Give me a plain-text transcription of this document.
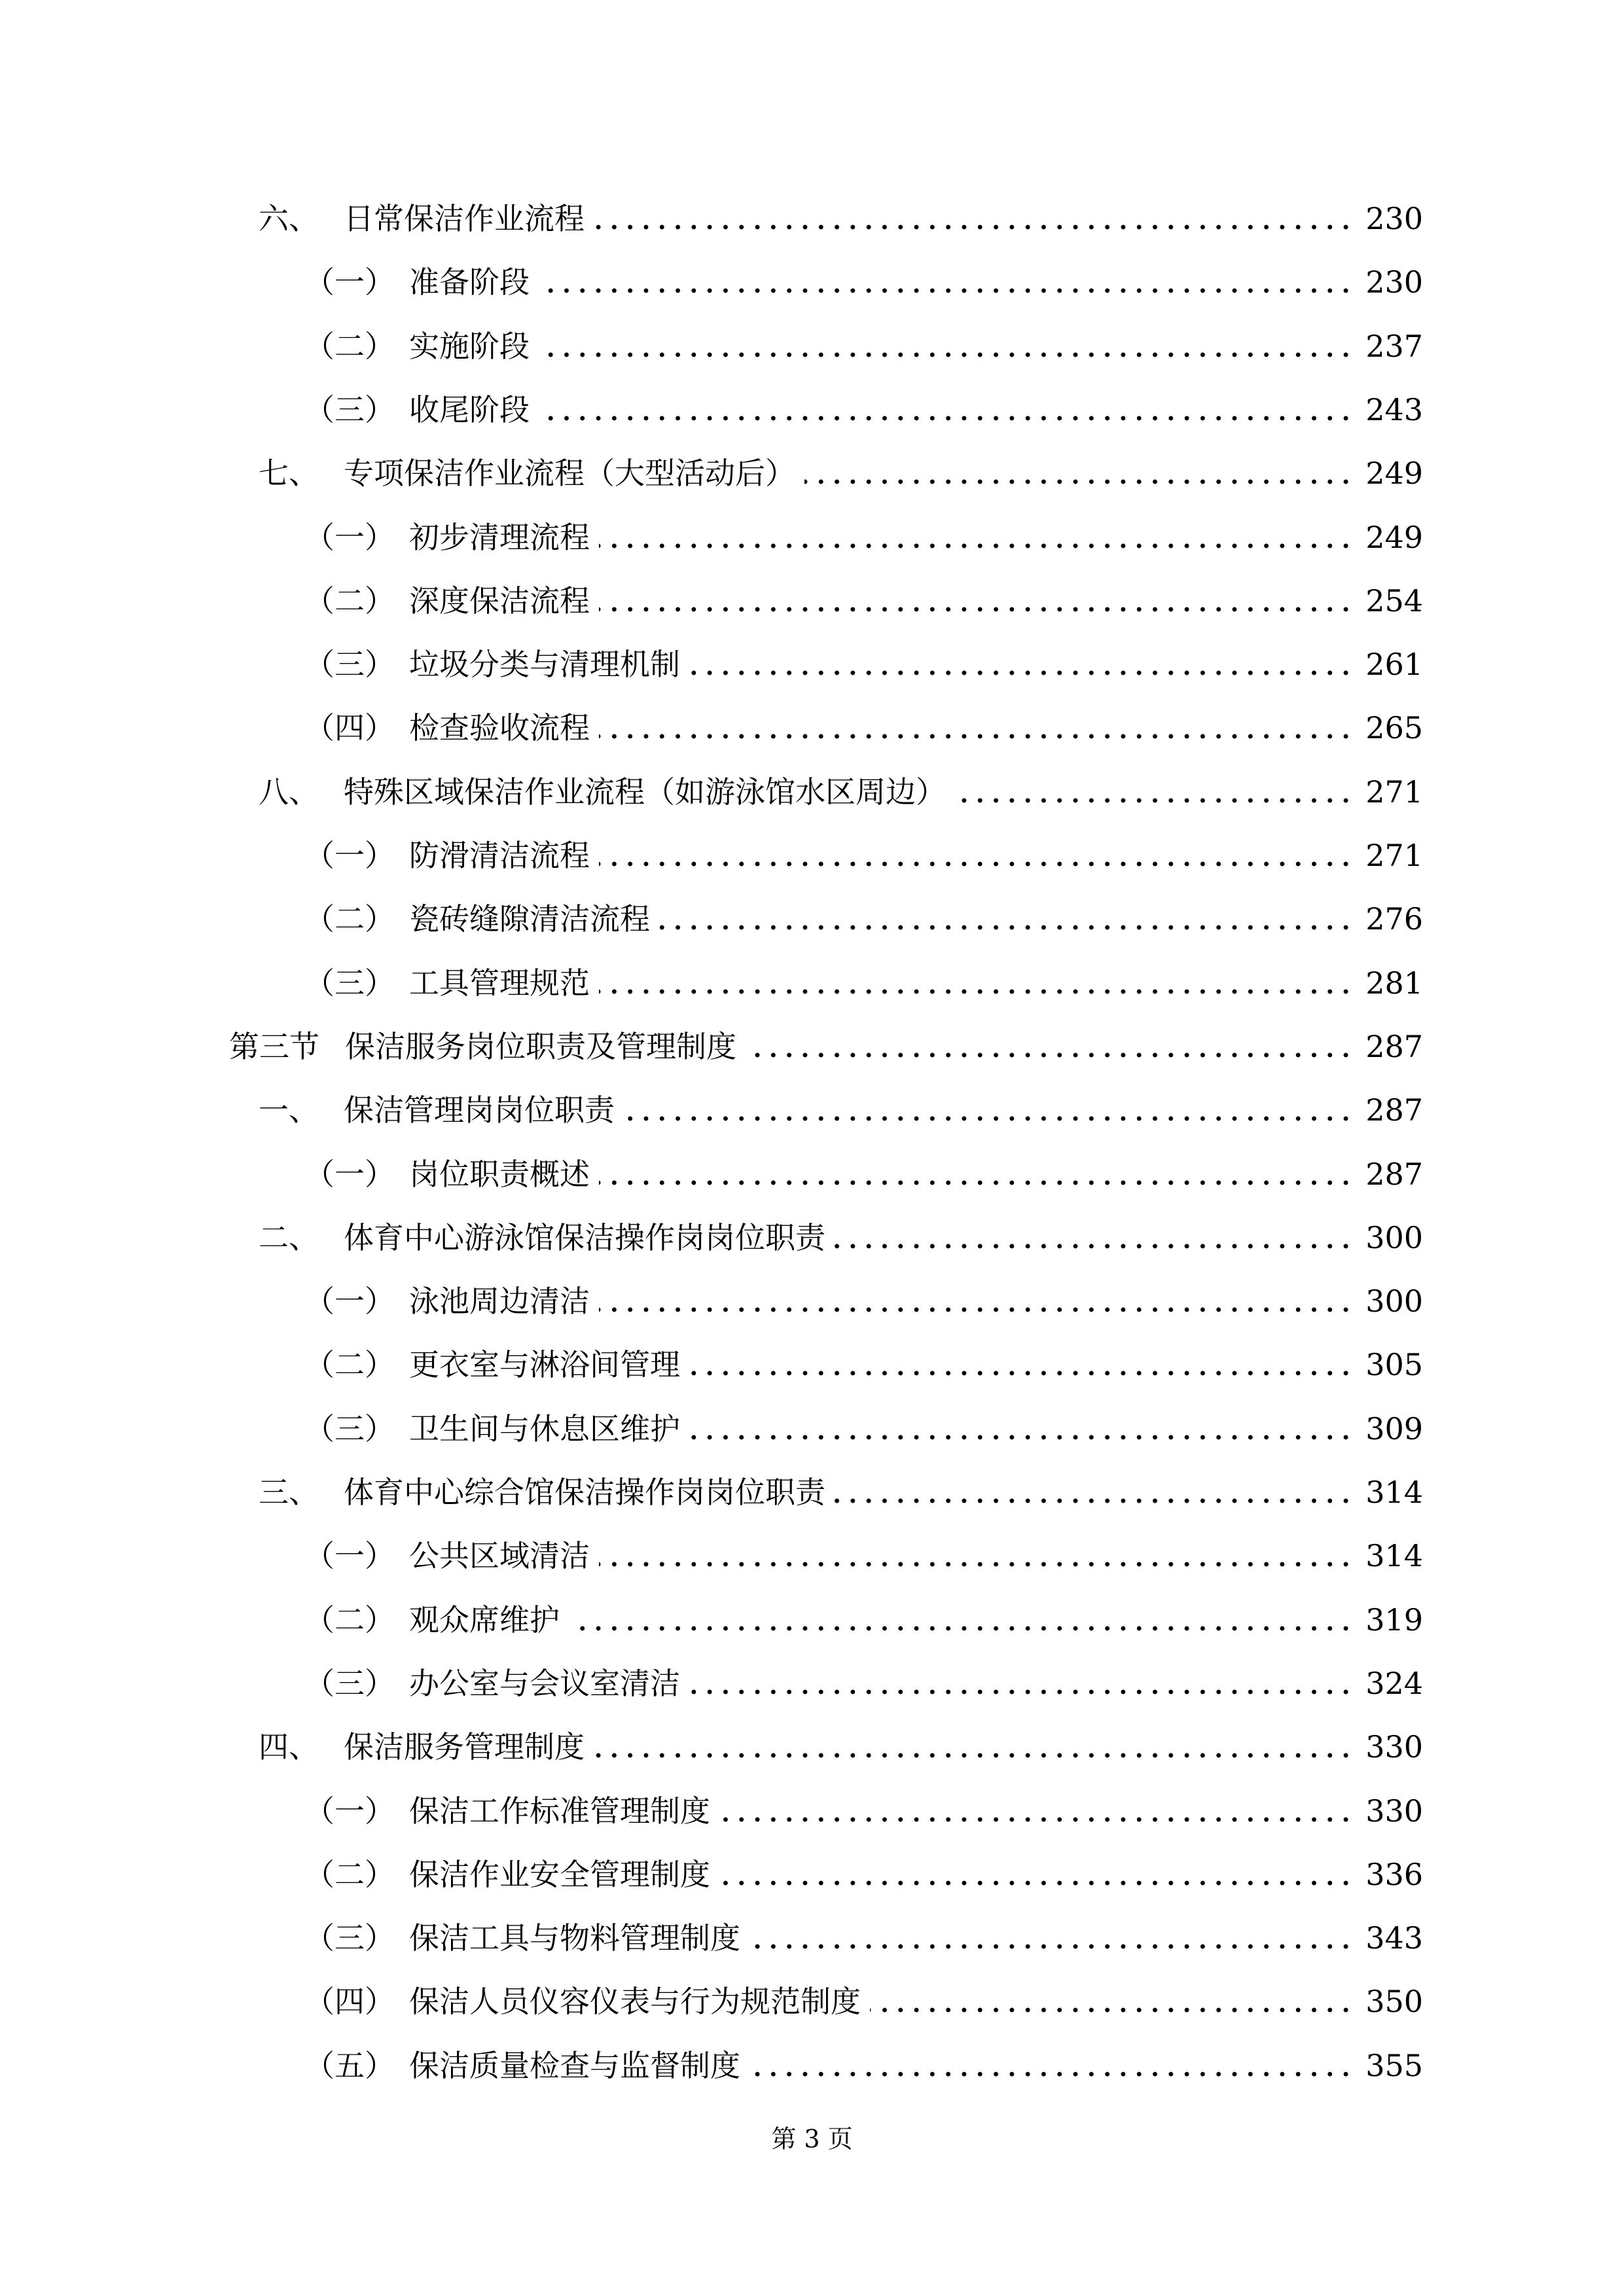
六、 日常保洁作业流程	230
（一） 准备阶段	230
（二） 实施阶段	237
（三） 收尾阶段	243
七、 专项保洁作业流程（大型活动后）	249
（一） 初步清理流程	249
（二） 深度保洁流程	254
（三） 垃圾分类与清理机制	261
（四） 检查验收流程	265
八、 特殊区域保洁作业流程（如游泳馆水区周边）	271
（一） 防滑清洁流程	271
（二） 瓷砖缝隙清洁流程	276
（三） 工具管理规范	281
第三节 保洁服务岗位职责及管理制度	287
一、 保洁管理岗岗位职责	287
（一） 岗位职责概述	287
二、 体育中心游泳馆保洁操作岗岗位职责	300
（一） 泳池周边清洁	300
（二） 更衣室与淋浴间管理	305
（三） 卫生间与休息区维护	309
三、 体育中心综合馆保洁操作岗岗位职责	314
（一） 公共区域清洁	314
（二） 观众席维护	319
（三） 办公室与会议室清洁	324
四、 保洁服务管理制度	330
（一） 保洁工作标准管理制度	330
（二） 保洁作业安全管理制度	336
（三） 保洁工具与物料管理制度	343
（四） 保洁人员仪容仪表与行为规范制度	350
（五） 保洁质量检查与监督制度	355
第 3 页
